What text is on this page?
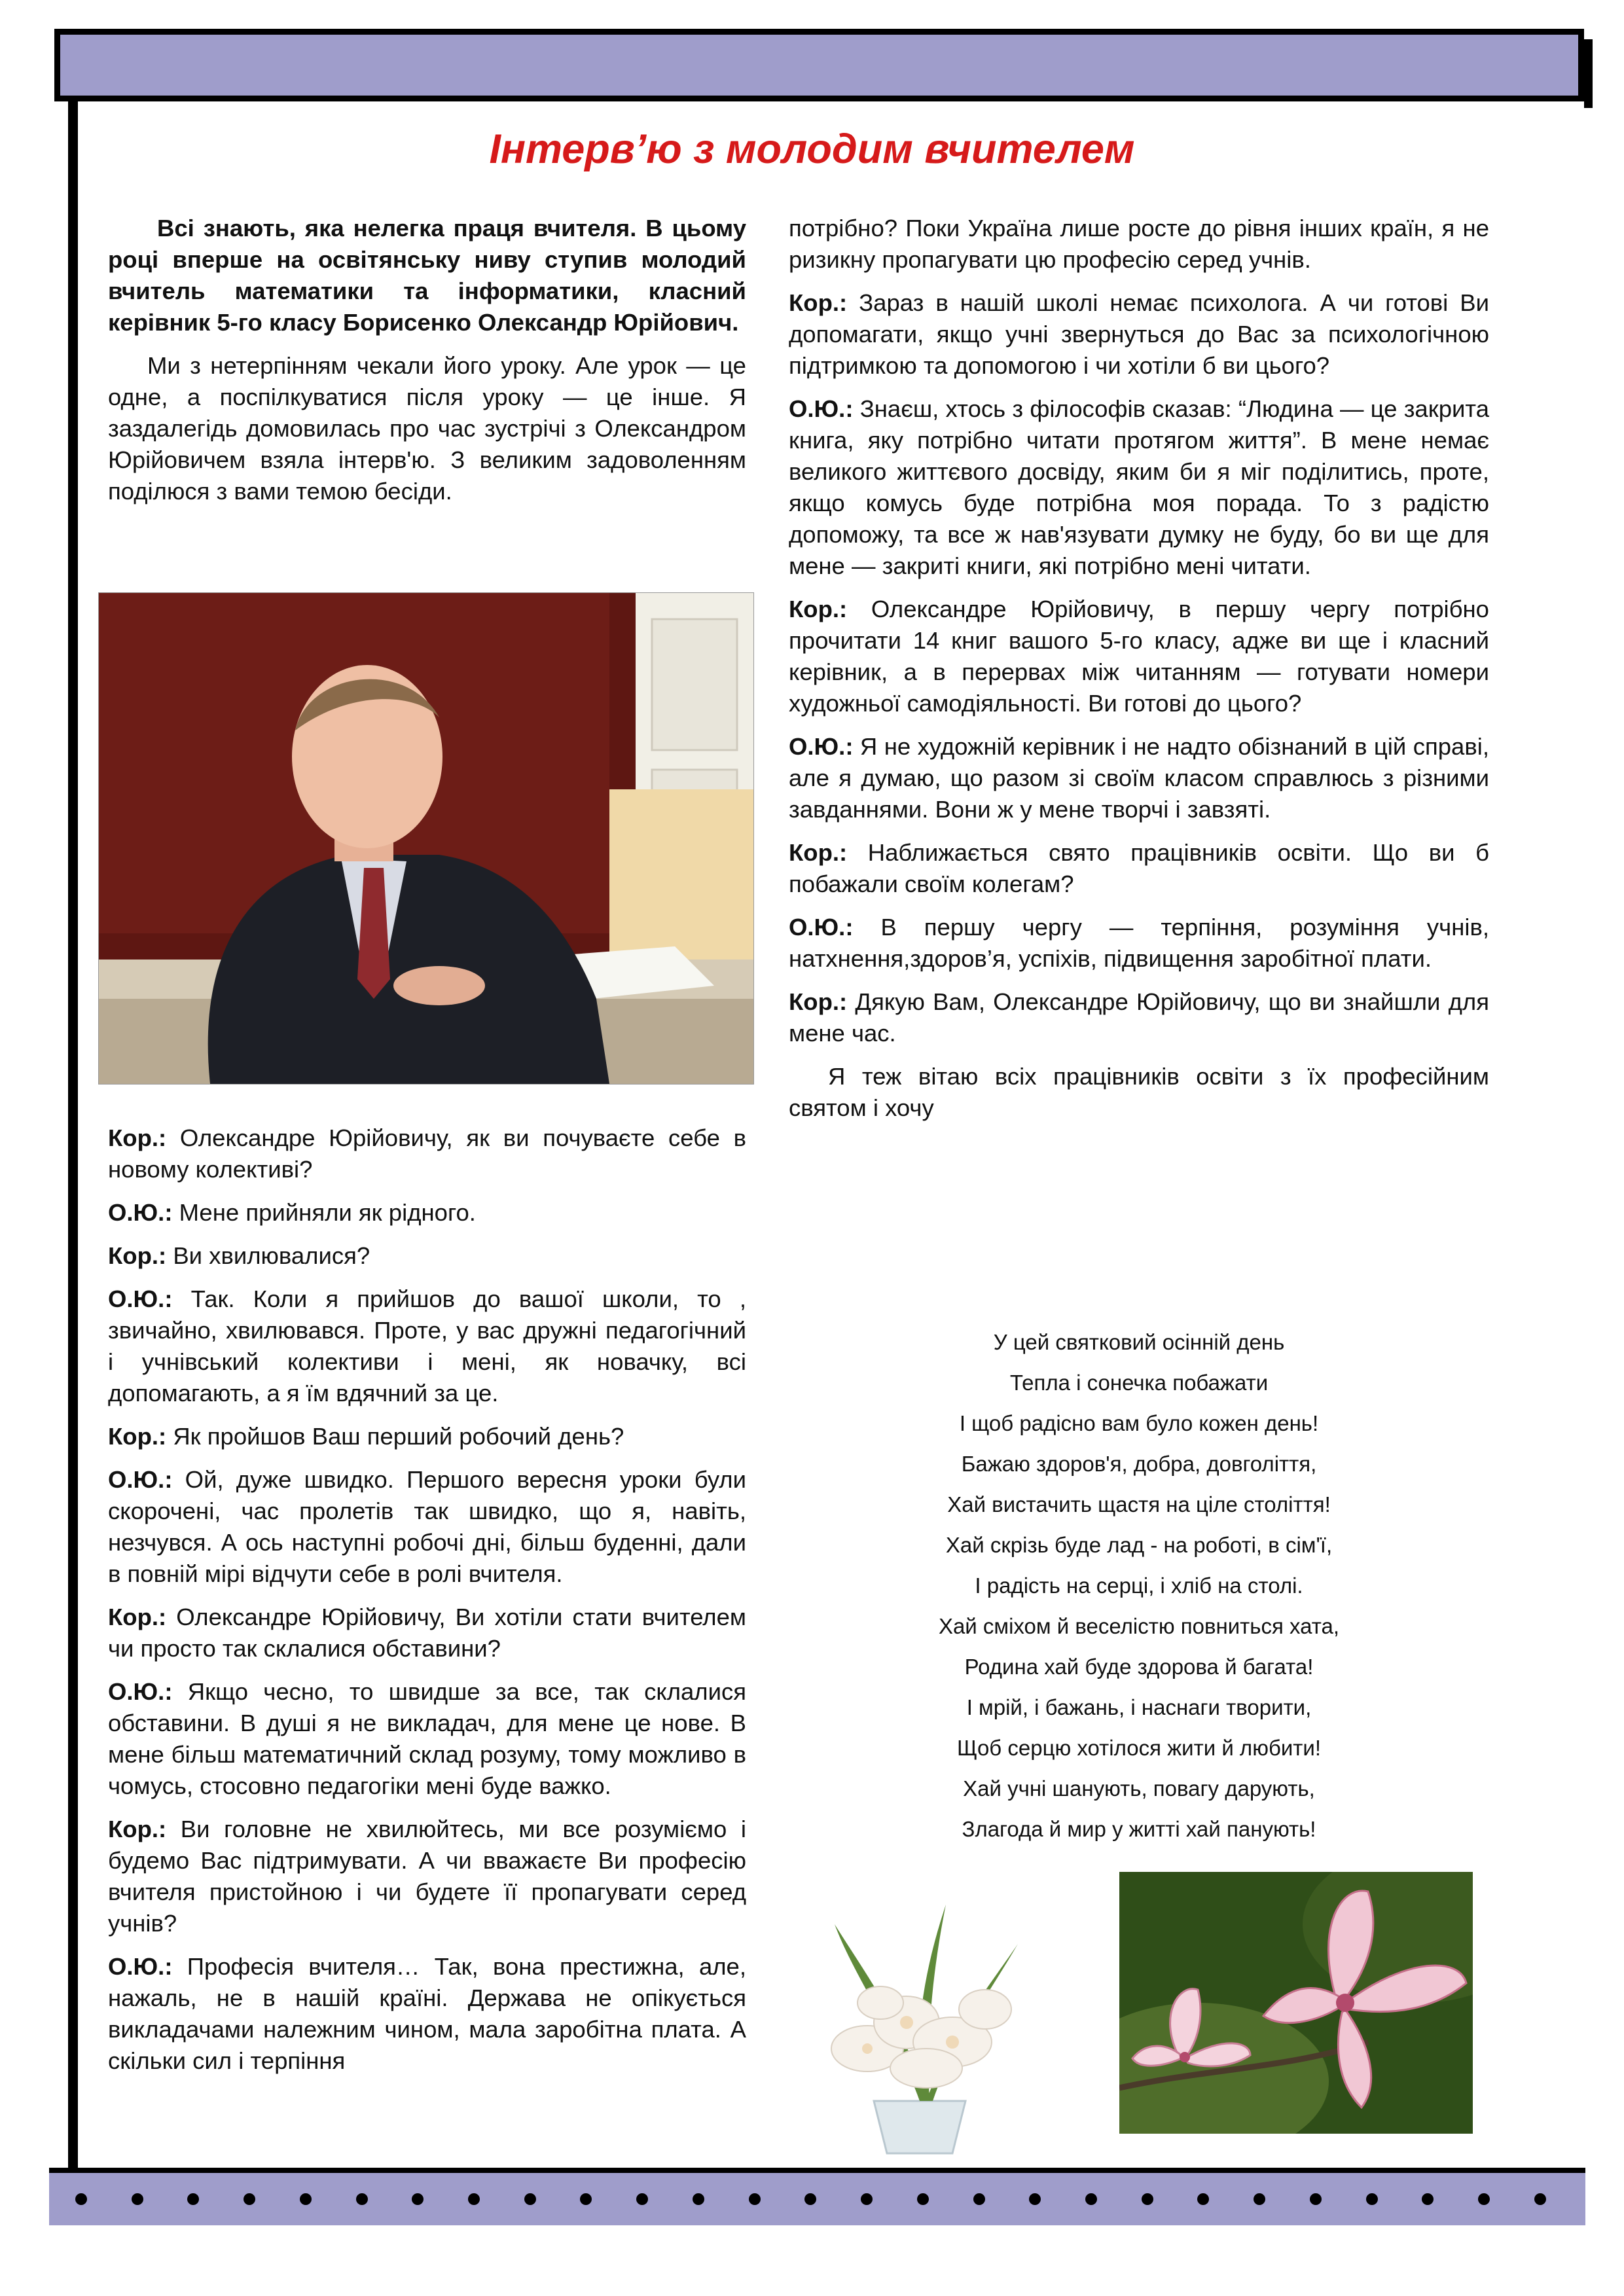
Інтерв’ю з молодим вчителем

Всі знають, яка нелегка праця вчителя. В цьому році вперше на освітянську ниву ступив молодий вчитель математики та інформатики, класний керівник 5-го класу Борисенко Олександр Юрійович.

Ми з нетерпінням чекали його уроку. Але урок — це одне, а поспілкуватися після уроку — це інше. Я заздалегідь домовилась про час зустрічі з Олександром Юрійовичем взяла інтерв'ю. З великим задоволенням поділюся з вами темою бесіди.

Кор.: Олександре Юрійовичу, як ви почуваєте себе в новому колективі?

О.Ю.: Мене прийняли як рідного.

Кор.: Ви хвилювалися?

О.Ю.: Так. Коли я прийшов до вашої школи, то , звичайно, хвилювався. Проте, у вас дружні педагогічний і учнівський колективи і мені, як новачку, всі допомагають, а я їм вдячний за це.

Кор.: Як пройшов Ваш перший робочий день?

О.Ю.: Ой, дуже швидко. Першого вересня уроки були скорочені, час пролетів так швидко, що я, навіть, незчувся. А ось наступні робочі дні, більш буденні, дали в повній мірі відчути себе в ролі вчителя.

Кор.: Олександре Юрійовичу, Ви хотіли стати вчителем чи просто так склалися обставини?

О.Ю.: Якщо чесно, то швидше за все, так склалися обставини. В душі я не викладач, для мене це нове. В мене більш математичний склад розуму, тому можливо в чомусь, стосовно педагогіки мені буде важко.

Кор.: Ви головне не хвилюйтесь, ми все розуміємо і будемо Вас підтримувати. А чи вважаєте Ви професію вчителя пристойною і чи будете її пропагувати серед учнів?

О.Ю.: Професія вчителя… Так, вона престижна, але, нажаль, не в нашій країні. Держава не опікується викладачами належним чином, мала заробітна плата. А скільки сил і терпіння

потрібно? Поки Україна лише росте до рівня інших країн, я не ризикну пропагувати цю професію серед учнів.

Кор.: Зараз в нашій школі немає психолога. А чи готові Ви допомагати, якщо учні звернуться до Вас за психологічною підтримкою та допомогою і чи хотіли б ви цього?

О.Ю.: Знаєш, хтось з філософів сказав: “Людина — це закрита книга, яку потрібно читати протягом життя”. В мене немає великого життєвого досвіду, яким би я міг поділитись, проте, якщо комусь буде потрібна моя порада. То з радістю допоможу, та все ж нав'язувати думку не буду, бо ви ще для мене — закриті книги, які потрібно мені читати.

Кор.: Олександре Юрійовичу, в першу чергу потрібно прочитати 14 книг вашого 5-го класу, адже ви ще і класний керівник, а в перервах між читанням — готувати номери художньої самодіяльності. Ви готові до цього?

О.Ю.: Я не художній керівник і не надто обізнаний в цій справі, але я думаю, що разом зі своїм класом справлюсь з різними завданнями. Вони ж у мене творчі і завзяті.

Кор.: Наближається свято працівників освіти. Що ви б побажали своїм колегам?

О.Ю.: В першу чергу — терпіння, розуміння учнів, натхнення,здоров’я, успіхів, підвищення заробітної плати.

Кор.: Дякую Вам, Олександре Юрійовичу, що ви знайшли для мене час.

Я теж вітаю всіх працівників освіти з їх професійним святом і хочу

У цей святковий осінній день
Тепла і сонечка побажати
І щоб радісно вам було кожен день!
Бажаю здоров'я, добра, довголіття,
Хай вистачить щастя на ціле століття!
Хай скрізь буде лад - на роботі, в сім'ї,
І радість на серці, і хліб на столі.
Хай сміхом й веселістю повниться хата,
Родина хай буде здорова й багата!
І мрій, і бажань, і наснаги творити,
Щоб серцю хотілося жити й любити!
Хай учні шанують, повагу дарують,
Злагода й мир у житті хай панують!
